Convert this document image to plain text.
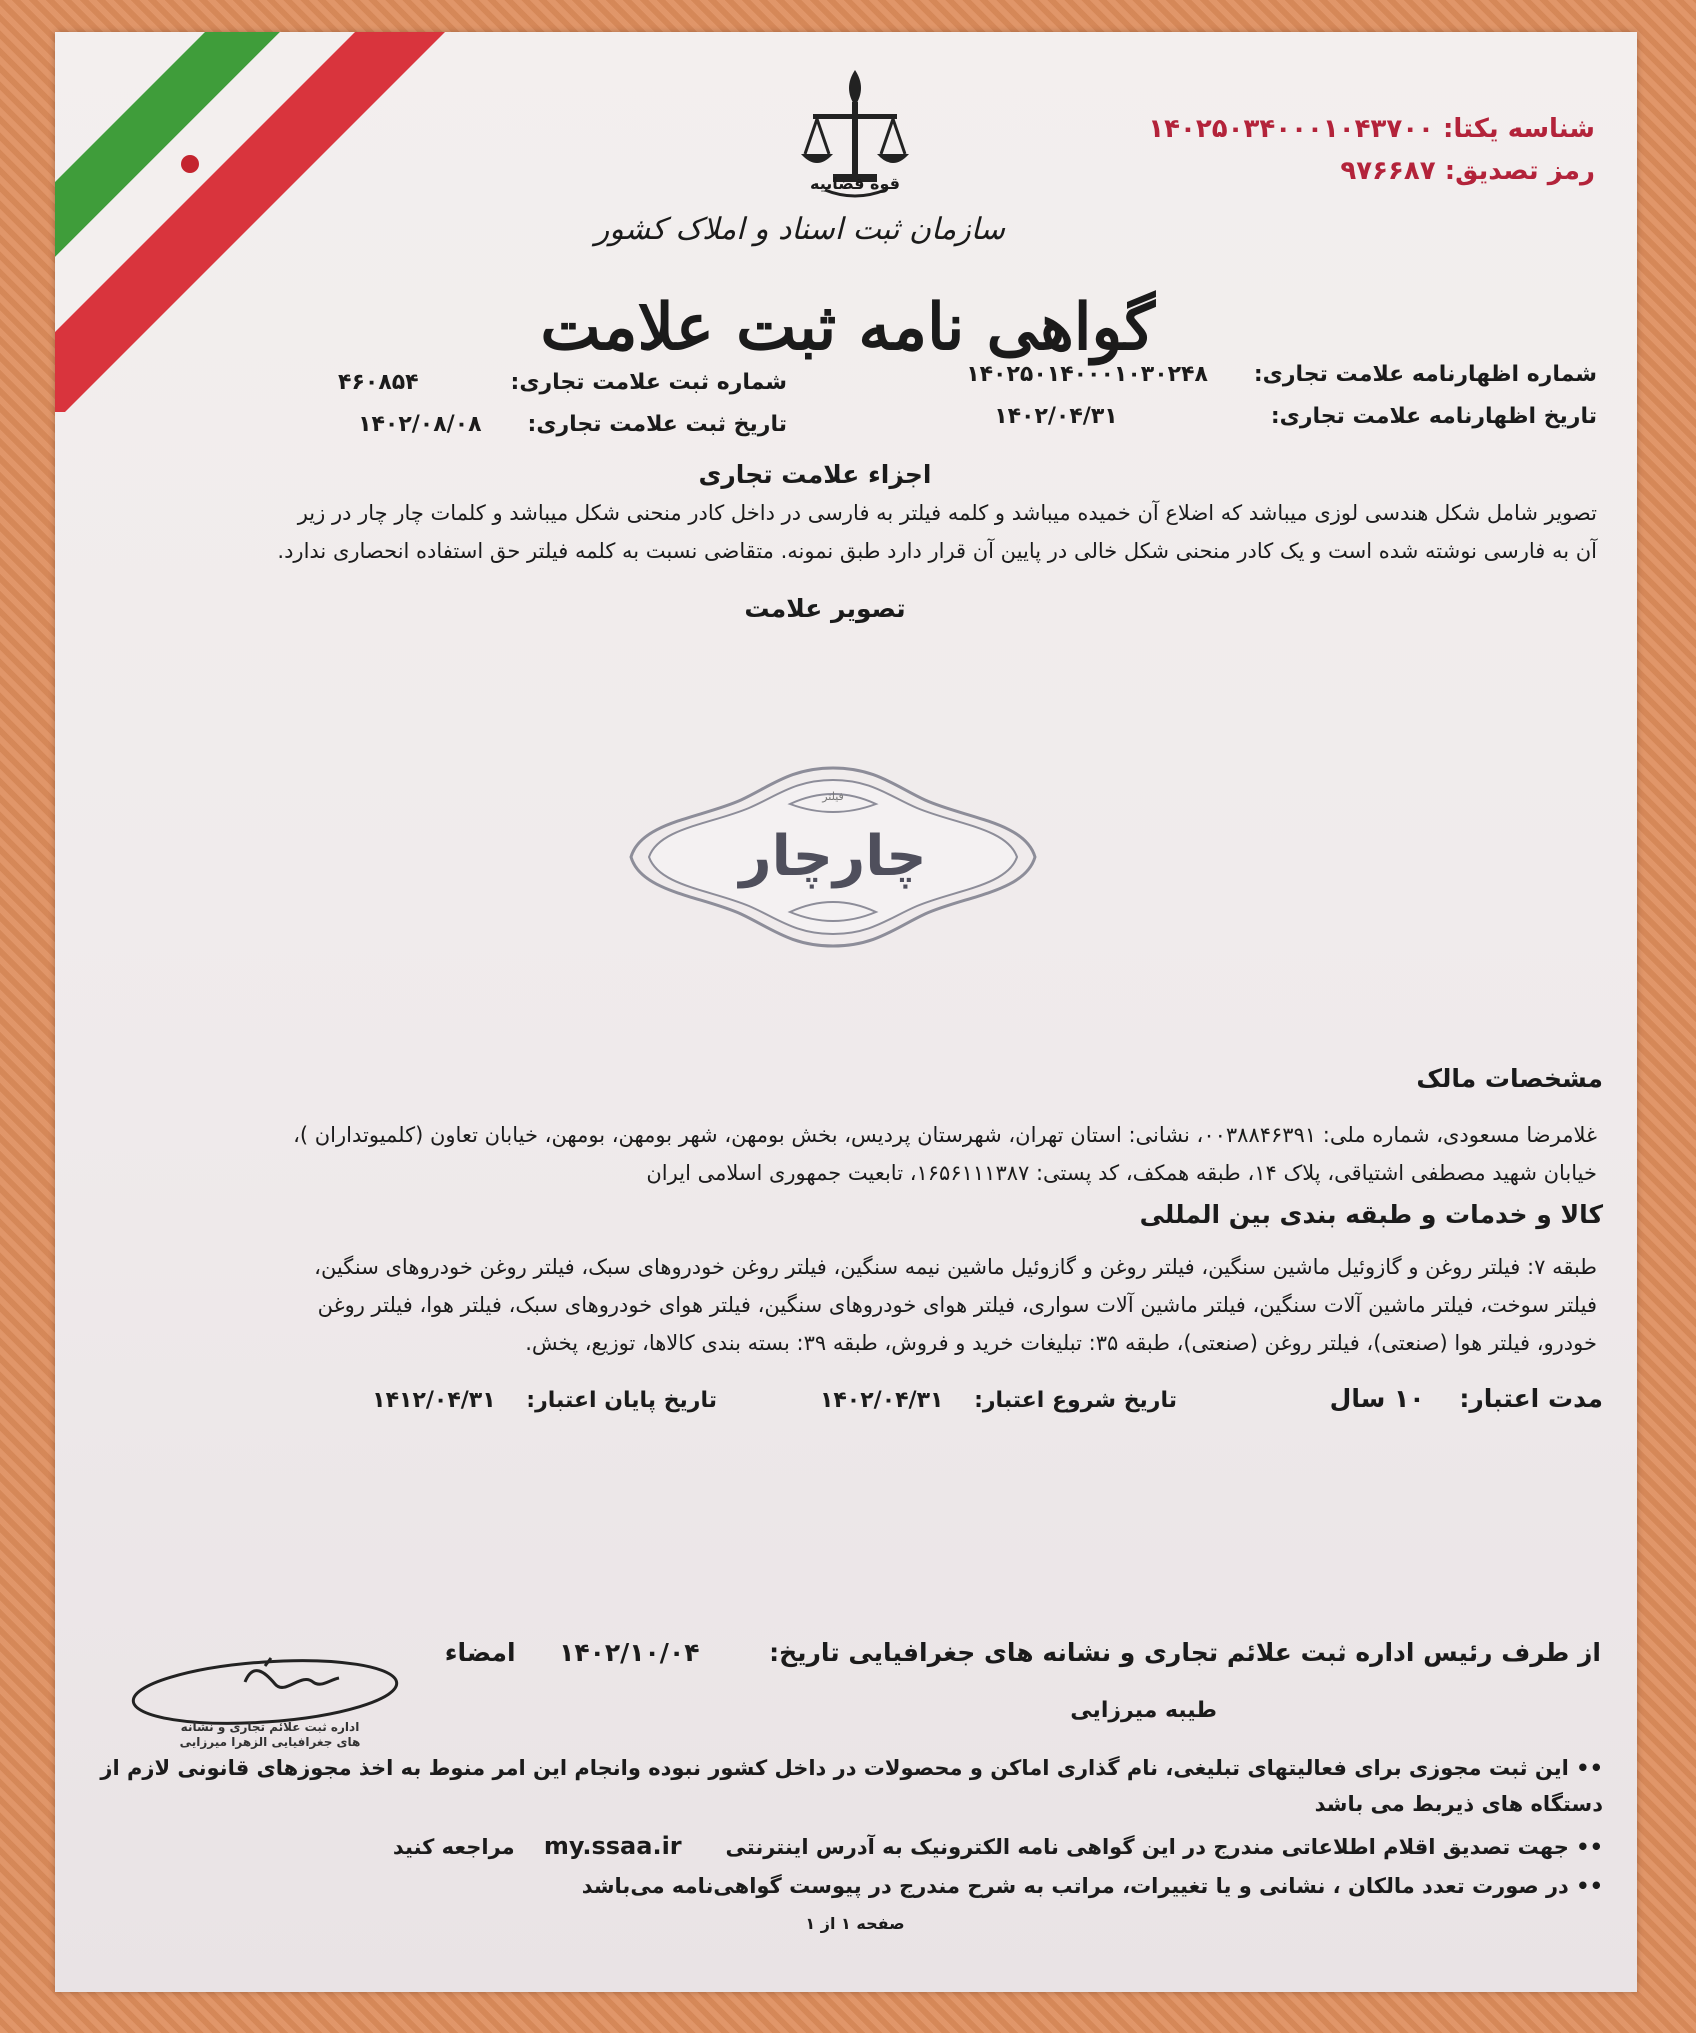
قوه قضاییه
سازمان ثبت اسناد و املاک کشور
گواهی نامه ثبت علامت
شناسه یکتا: ۱۴۰۲۵۰۳۴۰۰۰۱۰۴۳۷۰۰
رمز تصدیق: ۹۷۶۶۸۷
شماره اظهارنامه علامت تجاری:      ۱۴۰۲۵۰۱۴۰۰۰۱۰۳۰۲۴۸
تاریخ اظهارنامه علامت تجاری:                    ۱۴۰۲/۰۴/۳۱
شماره ثبت علامت تجاری:            ۴۶۰۸۵۴
تاریخ ثبت علامت تجاری:      ۱۴۰۲/۰۸/۰۸
اجزاء علامت تجاری
تصویر شامل شکل هندسی لوزی میباشد که اضلاع آن خمیده میباشد و کلمه فیلتر به فارسی در داخل کادر منحنی شکل میباشد و کلمات چار چار در زیر
آن به فارسی نوشته شده است و یک کادر منحنی شکل خالی در پایین آن قرار دارد طبق نمونه. متقاضی نسبت به کلمه فیلتر حق استفاده انحصاری ندارد.
تصویر علامت
فیلتر
چارچار
مشخصات مالک
غلامرضا مسعودی، شماره ملی: ۰۰۳۸۸۴۶۳۹۱، نشانی: استان تهران، شهرستان پردیس، بخش بومهن، شهر بومهن، بومهن، خیابان تعاون (کلمیوتداران )،
خیابان شهید مصطفی اشتیاقی، پلاک ۱۴، طبقه همکف، کد پستی: ۱۶۵۶۱۱۱۳۸۷، تابعیت جمهوری اسلامی ایران
کالا و خدمات و طبقه بندی بین المللی
طبقه ۷: فیلتر روغن و گازوئیل ماشین سنگین، فیلتر روغن و گازوئیل ماشین نیمه سنگین، فیلتر روغن خودروهای سبک، فیلتر روغن خودروهای سنگین،
فیلتر سوخت، فیلتر ماشین آلات سنگین، فیلتر ماشین آلات سواری، فیلتر هوای خودروهای سنگین، فیلتر هوای خودروهای سبک، فیلتر هوا، فیلتر روغن
خودرو، فیلتر هوا (صنعتی)، فیلتر روغن (صنعتی)، طبقه ۳۵: تبلیغات خرید و فروش، طبقه ۳۹: بسته بندی کالاها، توزیع، پخش.
مدت اعتبار:    ۱۰ سال
تاریخ شروع اعتبار:    ۱۴۰۲/۰۴/۳۱
تاریخ پایان اعتبار:    ۱۴۱۲/۰۴/۳۱
از طرف رئیس اداره ثبت علائم تجاری و نشانه های جغرافیایی تاریخ:        ۱۴۰۲/۱۰/۰۴     امضاء
طیبه میرزایی
اداره ثبت علائم تجاری و نشانه های جغرافیایی الزهرا میرزایی
•• این ثبت مجوزی برای فعالیتهای تبلیغی، نام گذاری اماکن و محصولات در داخل کشور نبوده وانجام این امر منوط به اخذ مجوزهای قانونی لازم از
دستگاه های ذیربط می باشد
•• جهت تصدیق اقلام اطلاعاتی مندرج در این گواهی نامه الکترونیک به آدرس اینترنتی      my.ssaa.ir    مراجعه کنید
•• در صورت تعدد مالکان ، نشانی و یا تغییرات، مراتب به شرح مندرج در پیوست گواهی‌نامه می‌باشد
صفحه ۱ از ۱
